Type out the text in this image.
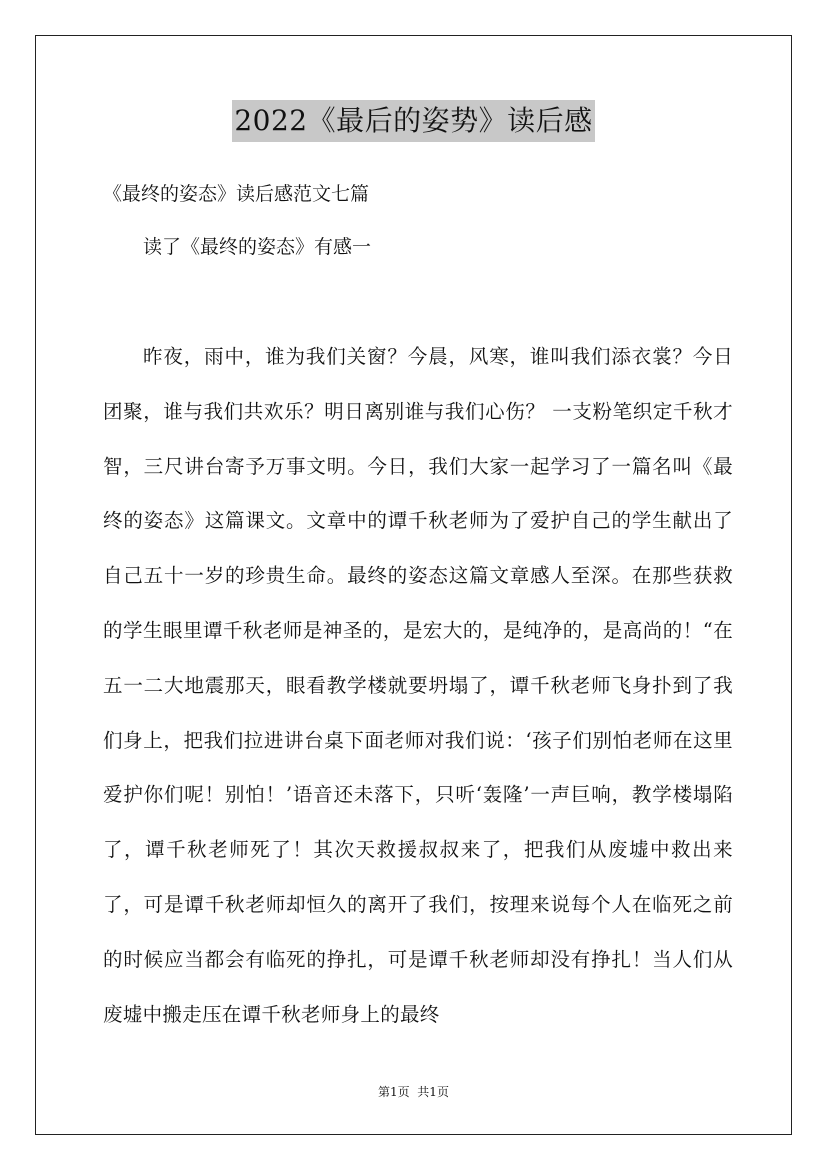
2022《最后的姿势》读后感
《最终的姿态》读后感范文七篇
读了《最终的姿态》有感一

昨夜，雨中，谁为我们关窗？今晨，风寒，谁叫我们添衣裳？今日团聚，谁与我们共欢乐？明日离别谁与我们心伤？ 一支粉笔织定千秋才智，三尺讲台寄予万事文明。今日，我们大家一起学习了一篇名叫《最终的姿态》这篇课文。文章中的谭千秋老师为了爱护自己的学生献出了自己五十一岁的珍贵生命。最终的姿态这篇文章感人至深。在那些获救的学生眼里谭千秋老师是神圣的，是宏大的，是纯净的，是高尚的！“在五一二大地震那天，眼看教学楼就要坍塌了，谭千秋老师飞身扑到了我们身上，把我们拉进讲台桌下面老师对我们说：‘孩子们别怕老师在这里爱护你们呢！别怕！’语音还未落下，只听‘轰隆’一声巨响，教学楼塌陷了，谭千秋老师死了！其次天救援叔叔来了，把我们从废墟中救出来了，可是谭千秋老师却恒久的离开了我们，按理来说每个人在临死之前的时候应当都会有临死的挣扎，可是谭千秋老师却没有挣扎！当人们从废墟中搬走压在谭千秋老师身上的最终

第1页  共1页
